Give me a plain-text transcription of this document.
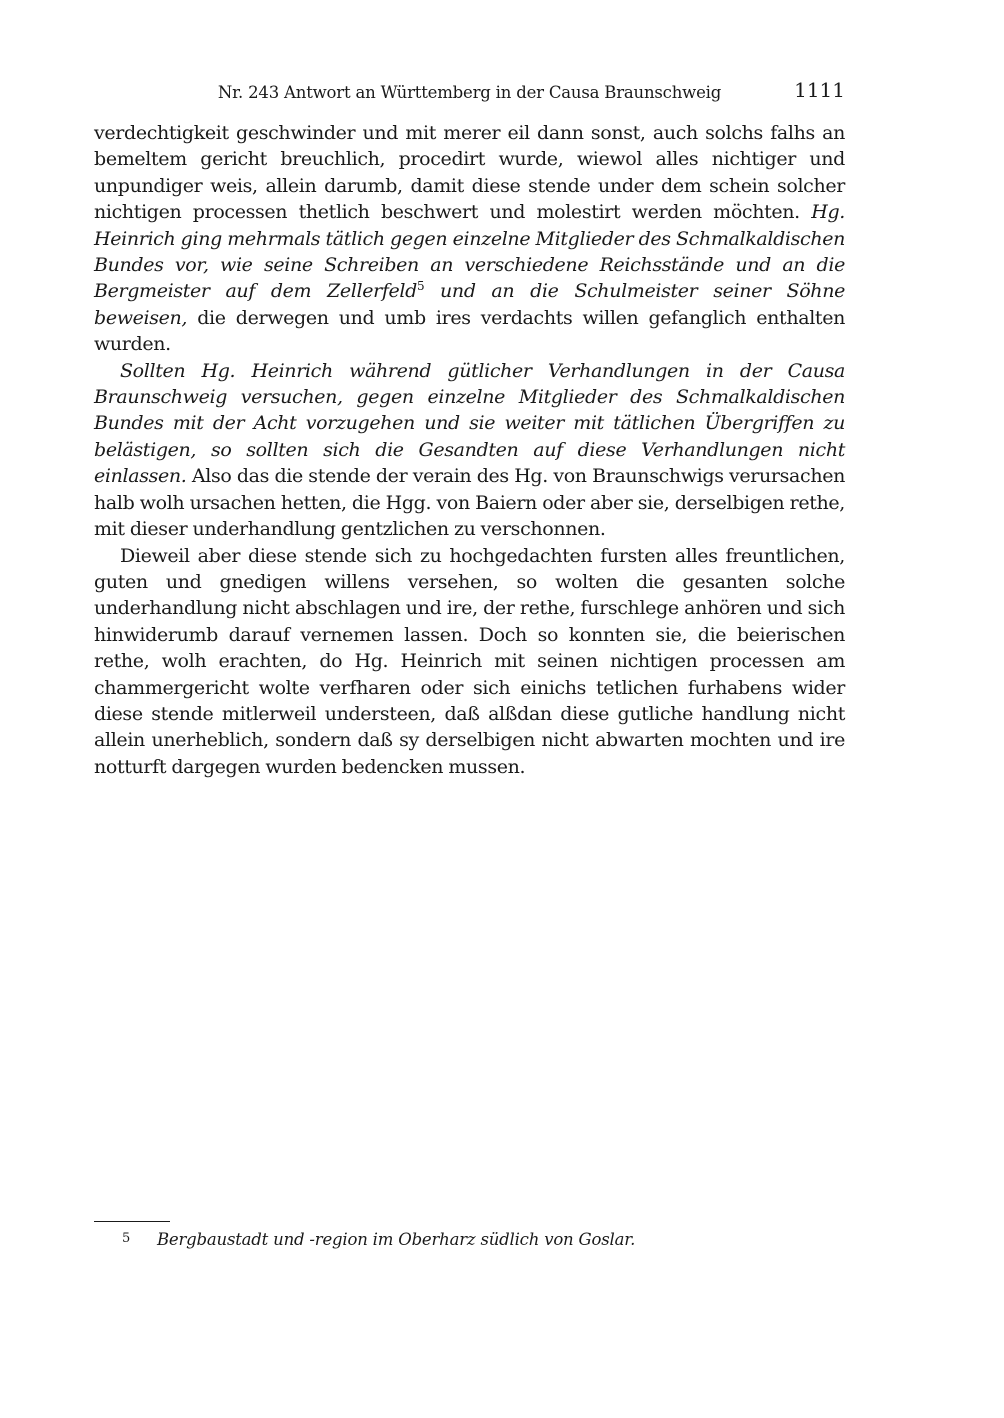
Nr. 243 Antwort an Württemberg in der Causa Braunschweig	1111

verdechtigkeit geschwinder und mit merer eil dann sonst, auch solchs falhs an bemeltem gericht breuchlich, procedirt wurde, wiewol alles nichtiger und unpundiger weis, allein darumb, damit diese stende under dem schein solcher nichtigen processen thetlich beschwert und molestirt werden möchten. Hg. Heinrich ging mehrmals tätlich gegen einzelne Mitglieder des Schmalkaldischen Bundes vor, wie seine Schreiben an verschiedene Reichsstände und an die Bergmeister auf dem Zellerfeld$^5$ und an die Schulmeister seiner Söhne beweisen, die derwegen und umb ires verdachts willen gefanglich enthalten wurden.

Sollten Hg. Heinrich während gütlicher Verhandlungen in der Causa Braunschweig versuchen, gegen einzelne Mitglieder des Schmalkaldischen Bundes mit der Acht vorzugehen und sie weiter mit tätlichen Übergriffen zu belästigen, so sollten sich die Gesandten auf diese Verhandlungen nicht einlassen. Also das die stende der verain des Hg. von Braunschwigs verursachen halb wolh ursachen hetten, die Hgg. von Baiern oder aber sie, derselbigen rethe, mit dieser underhandlung gentzlichen zu verschonnen.

Dieweil aber diese stende sich zu hochgedachten fursten alles freuntlichen, guten und gnedigen willens versehen, so wolten die gesanten solche underhandlung nicht abschlagen und ire, der rethe, furschlege anhören und sich hinwiderumb darauf vernemen lassen. Doch so konnten sie, die beierischen rethe, wolh erachten, do Hg. Heinrich mit seinen nichtigen processen am chammergericht wolte verfharen oder sich einichs tetlichen furhabens wider diese stende mitlerweil understeen, daß alßdan diese gutliche handlung nicht allein unerheblich, sondern daß sy derselbigen nicht abwarten mochten und ire notturft dargegen wurden bedencken mussen.

5 Bergbaustadt und -region im Oberharz südlich von Goslar.
